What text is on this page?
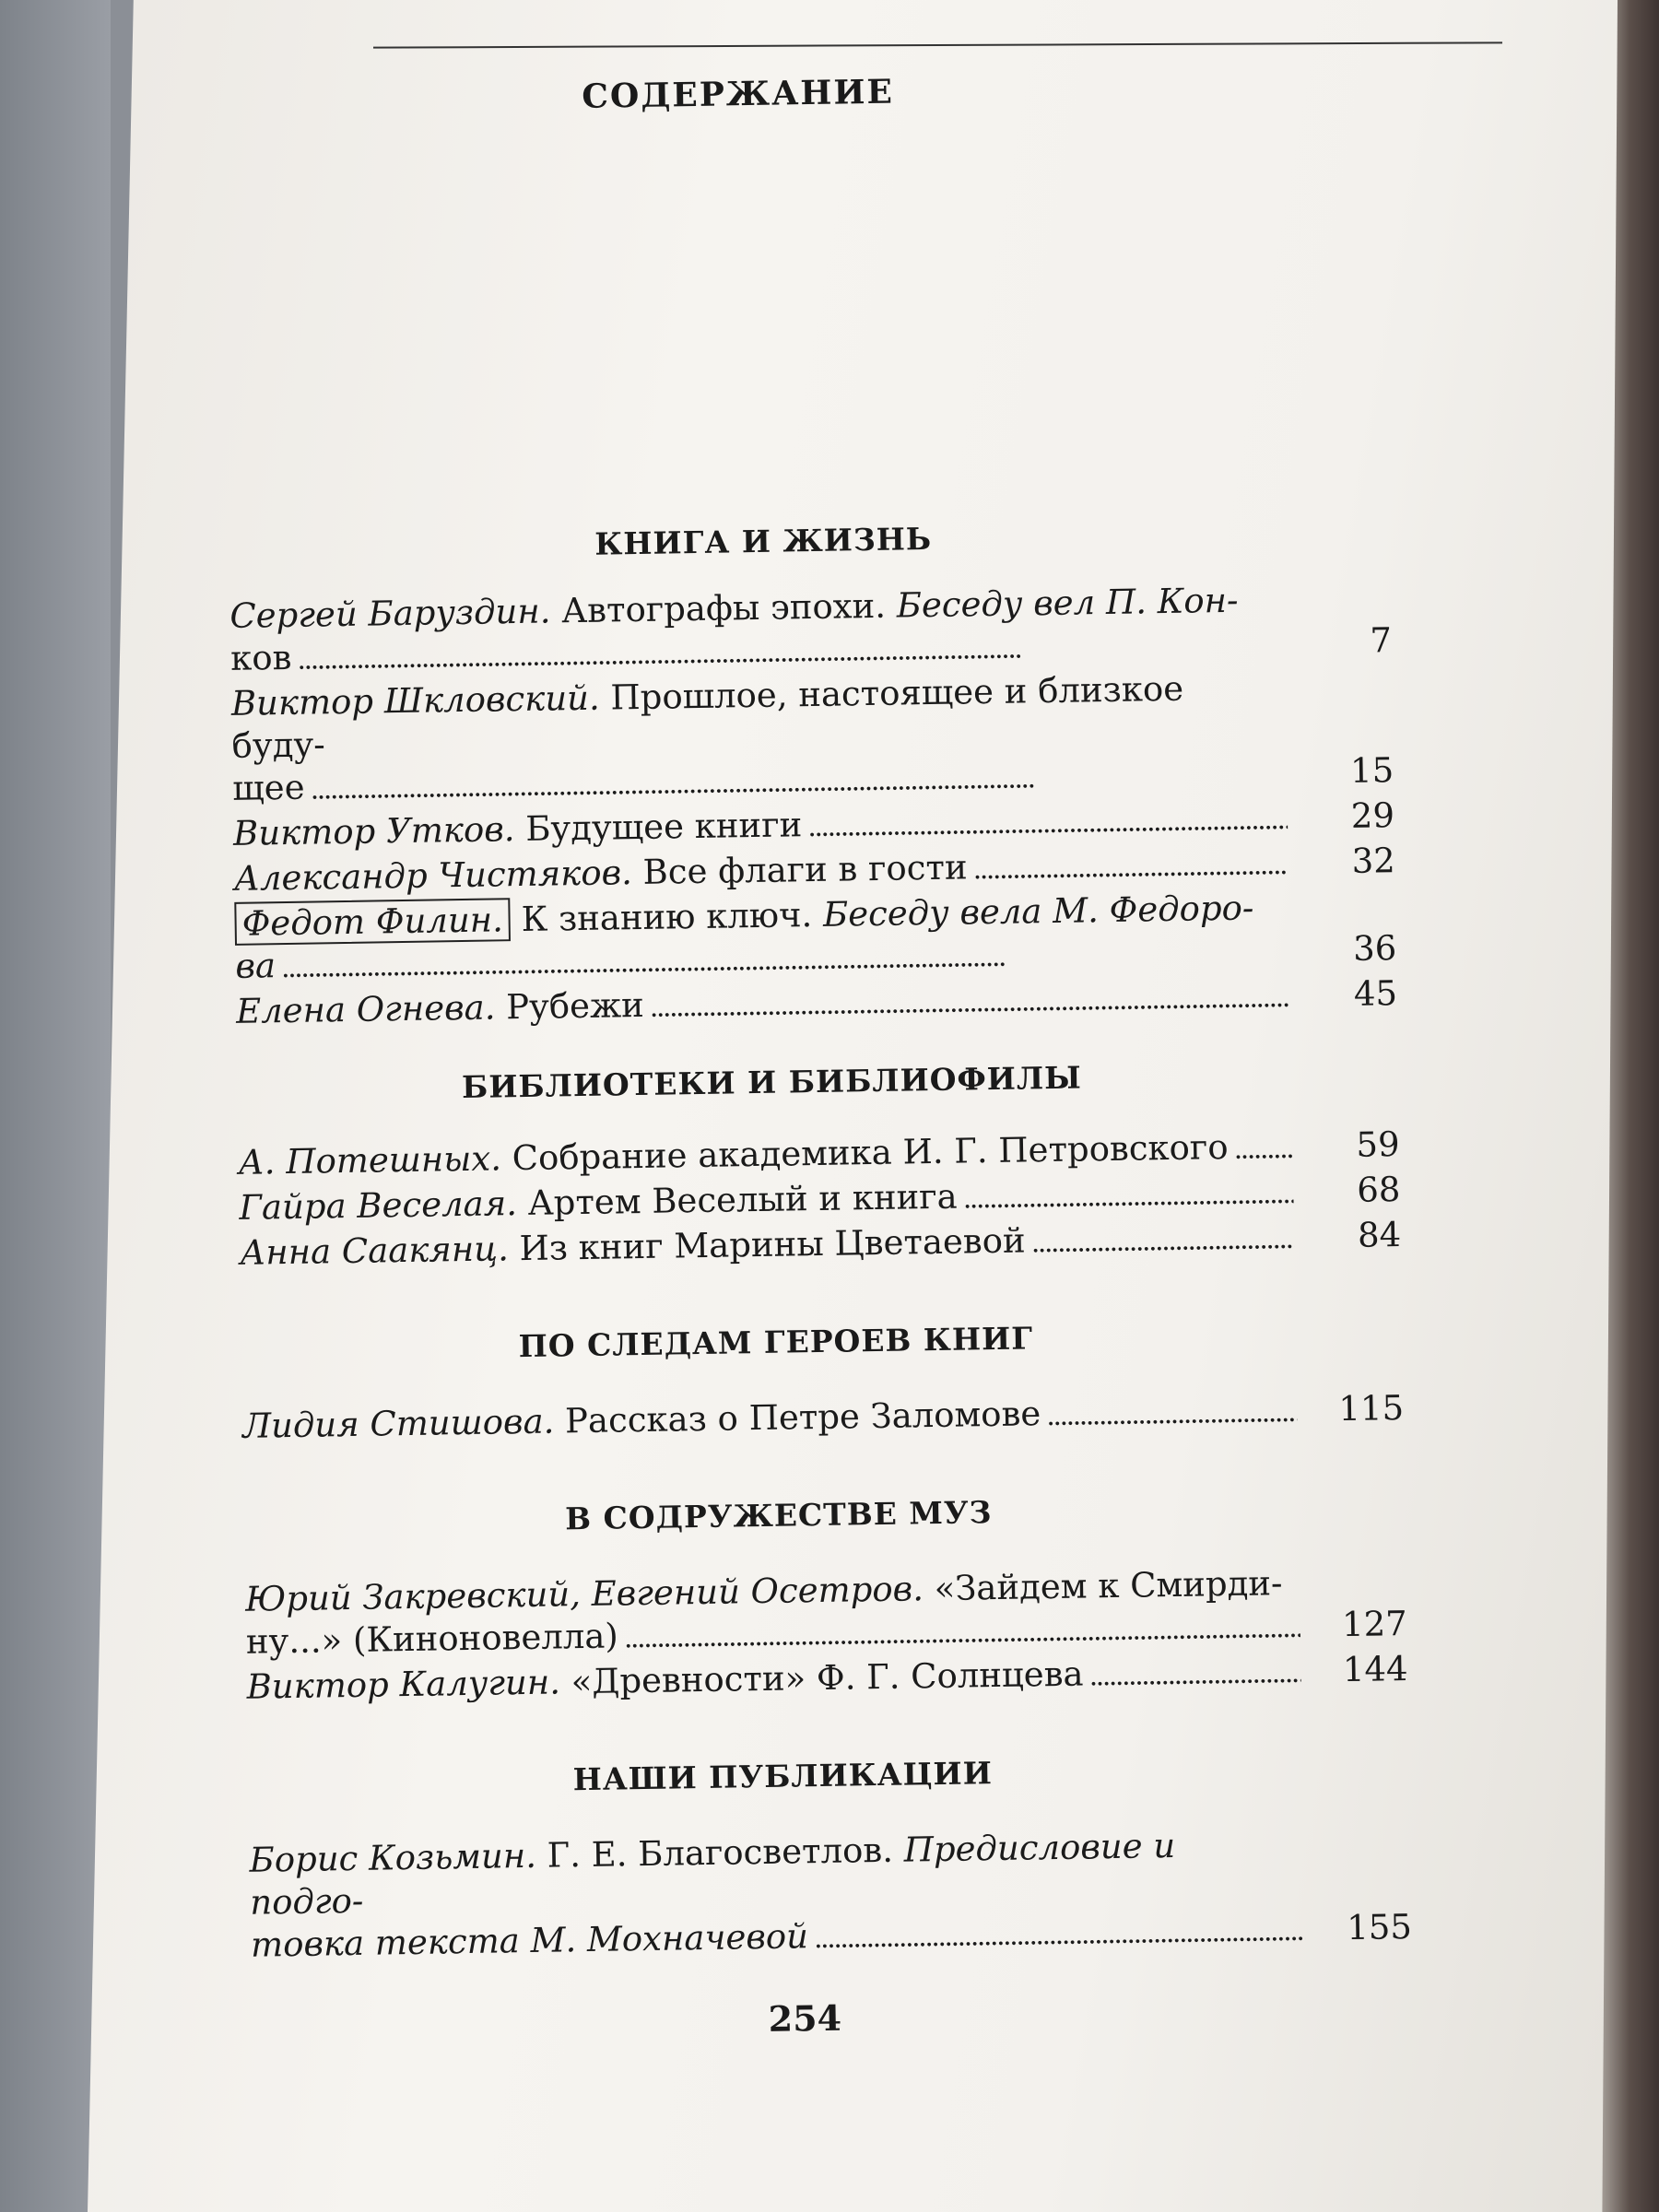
СОДЕРЖАНИЕ
КНИГА И ЖИЗНЬ
Сергей Баруздин. Автографы эпохи. Беседу вел П. Кон-
ков . . .	7
Виктор Шкловский. Прошлое, настоящее и близкое буду-
щее . . .	15
Виктор Утков. Будущее книги . . .	29
Александр Чистяков. Все флаги в гости . . .	32
Федот Филин. К знанию ключ. Беседу вела М. Федоро-
ва . . .	36
Елена Огнева. Рубежи . . .	45
БИБЛИОТЕКИ И БИБЛИОФИЛЫ
А. Потешных. Собрание академика И. Г. Петровского . . .	59
Гайра Веселая. Артем Веселый и книга . . .	68
Анна Саакянц. Из книг Марины Цветаевой . . .	84
ПО СЛЕДАМ ГЕРОЕВ КНИГ
Лидия Стишова. Рассказ о Петре Заломове . . .	115
В СОДРУЖЕСТВЕ МУЗ
Юрий Закревский, Евгений Осетров. «Зайдем к Смирди-
ну...» (Киноновелла) . . .	127
Виктор Калугин. «Древности» Ф. Г. Солнцева . . .	144
НАШИ ПУБЛИКАЦИИ
Борис Козьмин. Г. Е. Благосветлов. Предисловие и подго-
товка текста М. Мохначевой . . .	155
254
